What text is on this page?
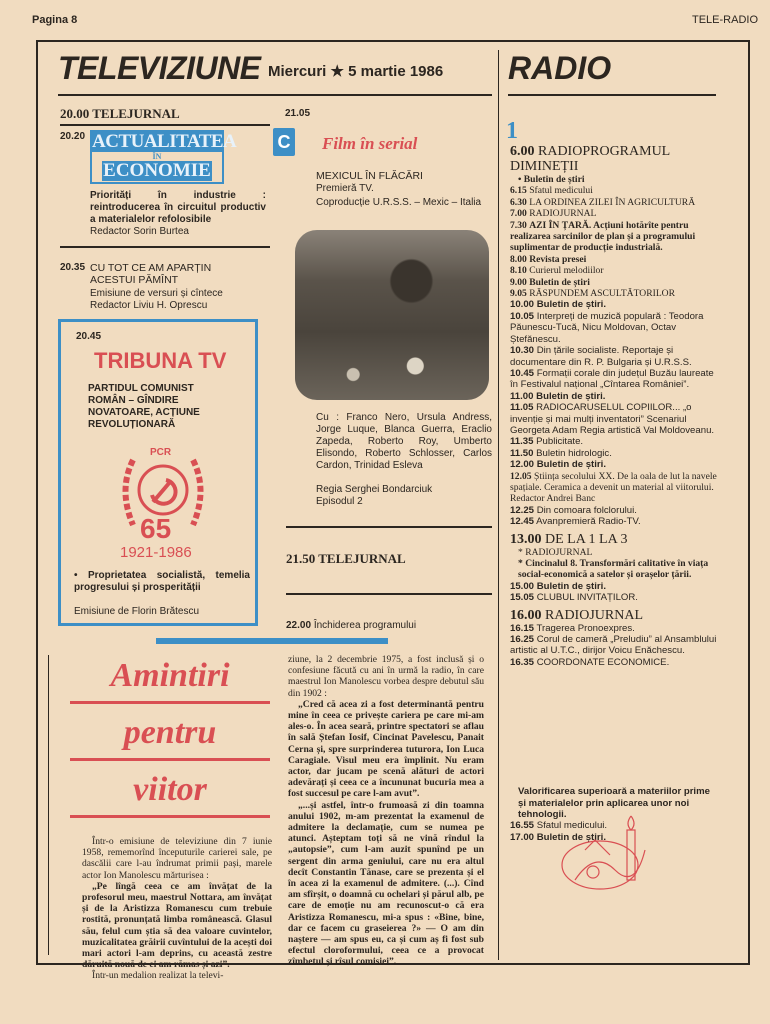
Pagina 8	TELE-RADIO
TELEVIZIUNE Miercuri ★ 5 martie 1986 RADIO
20.00 TELEJURNAL
20.20 ACTUALITATEA
ÎN
ECONOMIE
Priorități în industrie : reintroducerea în circuitul productiv a materialelor refolosibile
Redactor Sorin Burtea
20.35 CU TOT CE AM APARȚIN ACESTUI PĂMÎNT
Emisiune de versuri și cîntece
Redactor Liviu H. Oprescu
20.45
TRIBUNA TV
PARTIDUL COMUNIST ROMÂN – GÎNDIRE NOVATOARE, ACȚIUNE REVOLUȚIONARĂ
PCR
65
1921-1986
• Proprietatea socialistă, temelia progresului și prosperității
Emisiune de Florin Brătescu
21.05
C Film în serial
MEXICUL ÎN FLĂCĂRI
Premieră TV.
Coproducție U.R.S.S. – Mexic – Italia
Cu : Franco Nero, Ursula Andress, Jorge Luque, Blanca Guerra, Eraclio Zapeda, Roberto Roy, Umberto Elisondo, Roberto Schlosser, Carlos Cardon, Trinidad Esleva
Regia Serghei Bondarciuk
Episodul 2
21.50 TELEJURNAL
22.00 Închiderea programului
Amintiri
pentru
viitor

Într-o emisiune de televiziune din 7 iunie 1958, rememorînd începuturile carierei sale, pe dascălii care l-au îndrumat primii pași, marele actor Ion Manolescu mărturisea :

„Pe lîngă ceea ce am învățat de la profesorul meu, maestrul Nottara, am învățat și de la Aristizza Romanescu cum trebuie rostită, pronunțată limba românească. Glasul său, felul cum știa să dea valoare cuvintelor, muzicalitatea grăirii cuvîntului de la acești doi mari actori l-am deprins, cu această zestre dăruită nouă de ei am rămas și azi”.

Într-un medalion realizat la televi-

ziune, la 2 decembrie 1975, a fost inclusă și o confesiune făcută cu ani în urmă la radio, în care maestrul Ion Manolescu vorbea despre debutul său din 1902 :

„Cred că acea zi a fost determinantă pentru mine în ceea ce privește cariera pe care mi-am ales-o. În acea seară, printre spectatori se aflau în sală Ștefan Iosif, Cincinat Pavelescu, Panait Cerna și, spre surprinderea tuturora, Ion Luca Caragiale. Visul meu era împlinit. Nu eram actor, dar jucam pe scenă alături de actori adevărați și ceea ce a încununat bucuria mea a fost succesul pe care l-am avut”.

„...și astfel, într-o frumoasă zi din toamna anului 1902, m-am prezentat la examenul de admitere la declamație, cum se numea pe atunci. Așteptam toți să ne vină rîndul la „autopsie”, cum l-am auzit spunînd pe un sergent din arma geniului, care nu era altul decît Constantin Tănase, care se prezenta și el în acea zi la examenul de admitere. (...). Cînd am sfîrșit, o doamnă cu ochelari și părul alb, pe care de emoție nu am recunoscut-o că era Aristizza Romanescu, mi-a spus : «Bine, bine, dar ce facem cu graseierea ?» — O am din naștere — am spus eu, ca și cum aș fi fost sub efectul cloroformului, ceea ce a provocat zîmbetul și rîsul comisiei”.

1
6.00 RADIOPROGRAMUL DIMINEȚII
• Buletin de știri
6.15 Sfatul medicului
6.30 LA ORDINEA ZILEI ÎN AGRICULTURĂ
7.00 RADIOJURNAL
7.30 AZI ÎN ȚARĂ. Acțiuni hotărîte pentru realizarea sarcinilor de plan și a programului suplimentar de producție industrială.
8.00 Revista presei
8.10 Curierul melodiilor
9.00 Buletin de știri
9.05 RĂSPUNDEM ASCULTĂTORILOR
10.00 Buletin de știri.
10.05 Interpreți de muzică populară : Teodora Păunescu-Tucă, Nicu Moldovan, Octav Ștefănescu.
10.30 Din țările socialiste. Reportaje și documentare din R. P. Bulgaria și U.R.S.S.
10.45 Formații corale din județul Buzău laureate în Festivalul național „Cîntarea României”.
11.00 Buletin de știri.
11.05 RADIOCARUSELUL COPIILOR... „o invenție și mai mulți inventatori” Scenariul Georgeta Adam Regia artistică Val Moldoveanu.
11.35 Publicitate.
11.50 Buletin hidrologic.
12.00 Buletin de știri.
12.05 Știința secolului XX. De la oala de lut la navele spațiale. Ceramica a devenit un material al viitorului. Redactor Andrei Banc
12.25 Din comoara folclorului.
12.45 Avanpremieră Radio-TV.
13.00 DE LA 1 LA 3
* RADIOJURNAL
* Cincinalul 8. Transformări calitative în viața social-economică a satelor și orașelor țării.
15.00 Buletin de știri.
15.05 CLUBUL INVITAȚILOR.
16.00 RADIOJURNAL
16.15 Tragerea Pronoexpres.
16.25 Corul de cameră „Preludiu” al Ansamblului artistic al U.T.C., dirijor Voicu Enăchescu.
16.35 COORDONATE ECONOMICE.
Valorificarea superioară a materiilor prime și materialelor prin aplicarea unor noi tehnologii.
16.55 Sfatul medicului.
17.00 Buletin de știri.
